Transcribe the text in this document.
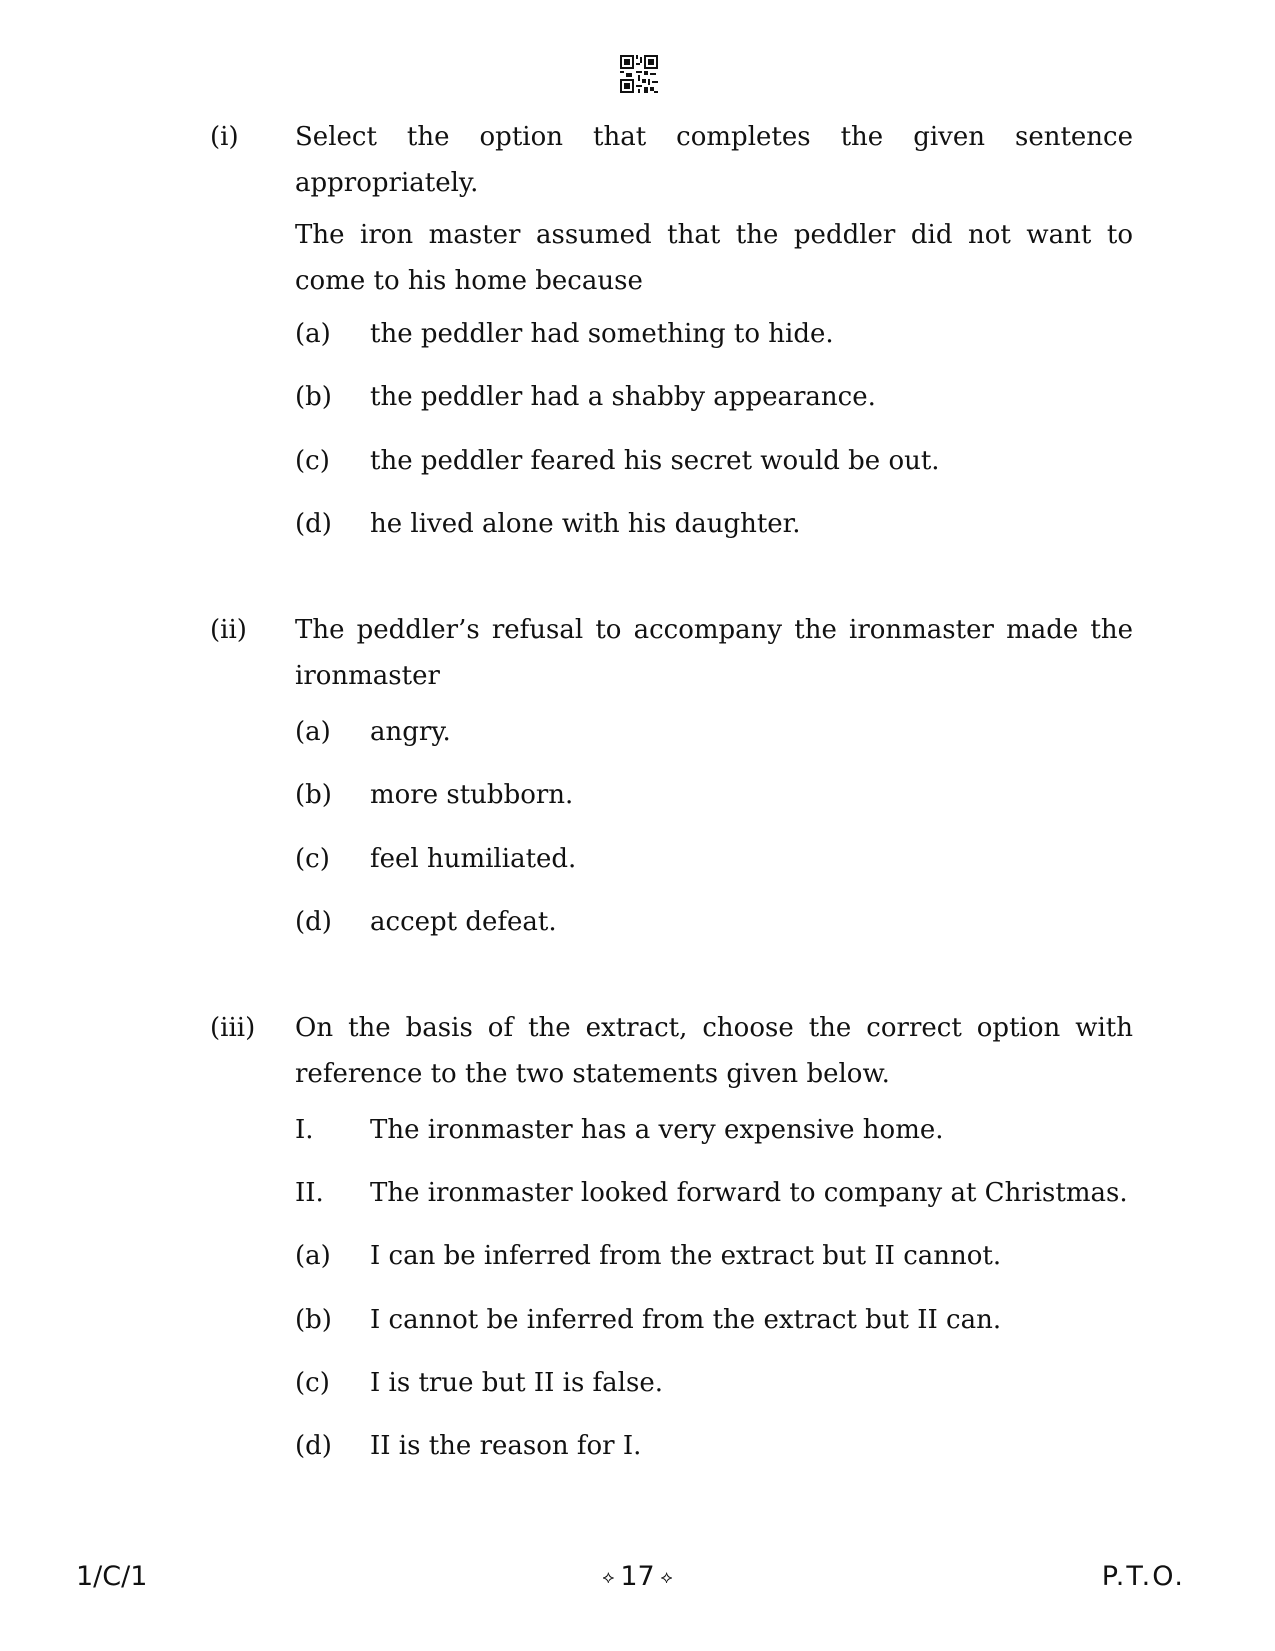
(i) Select the option that completes the given sentence appropriately.

The iron master assumed that the peddler did not want to come to his home because

(a) the peddler had something to hide.
(b) the peddler had a shabby appearance.
(c) the peddler feared his secret would be out.
(d) he lived alone with his daughter.
(ii) The peddler’s refusal to accompany the ironmaster made the ironmaster

(a) angry.
(b) more stubborn.
(c) feel humiliated.
(d) accept defeat.
(iii) On the basis of the extract, choose the correct option with reference to the two statements given below.

I. The ironmaster has a very expensive home.
II. The ironmaster looked forward to company at Christmas.
(a) I can be inferred from the extract but II cannot.
(b) I cannot be inferred from the extract but II can.
(c) I is true but II is false.
(d) II is the reason for I.
1/C/1	⟡ 17 ⟡	P.T.O.
